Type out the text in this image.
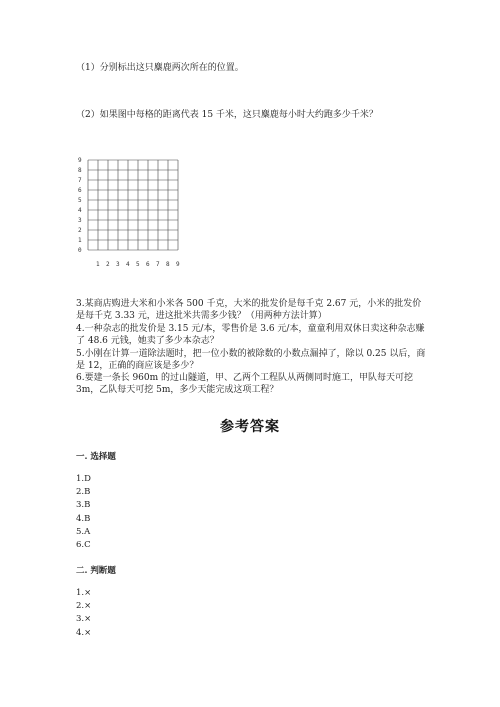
（1）分别标出这只麋鹿两次所在的位置。
（2）如果图中每格的距离代表 15 千米，这只麋鹿每小时大约跑多少千米？
9
8
7
6
5
4
3
2
1
0
1 2 3 4 5 6 7 8 9
3.某商店购进大米和小米各 500 千克，大米的批发价是每千克 2.67 元，小米的批发价是每千克 3.33 元，进这批米共需多少钱？（用两种方法计算）
4.一种杂志的批发价是 3.15 元/本，零售价是 3.6 元/本，童童利用双休日卖这种杂志赚了 48.6 元钱，她卖了多少本杂志？
5.小刚在计算一道除法题时，把一位小数的被除数的小数点漏掉了，除以 0.25 以后，商是 12，正确的商应该是多少？
6.要建一条长 960m 的过山隧道，甲、乙两个工程队从两侧同时施工，甲队每天可挖 3m，乙队每天可挖 5m，多少天能完成这项工程？
参考答案
一. 选择题
1.D
2.B
3.B
4.B
5.A
6.C
二. 判断题
1.×
2.×
3.×
4.×
